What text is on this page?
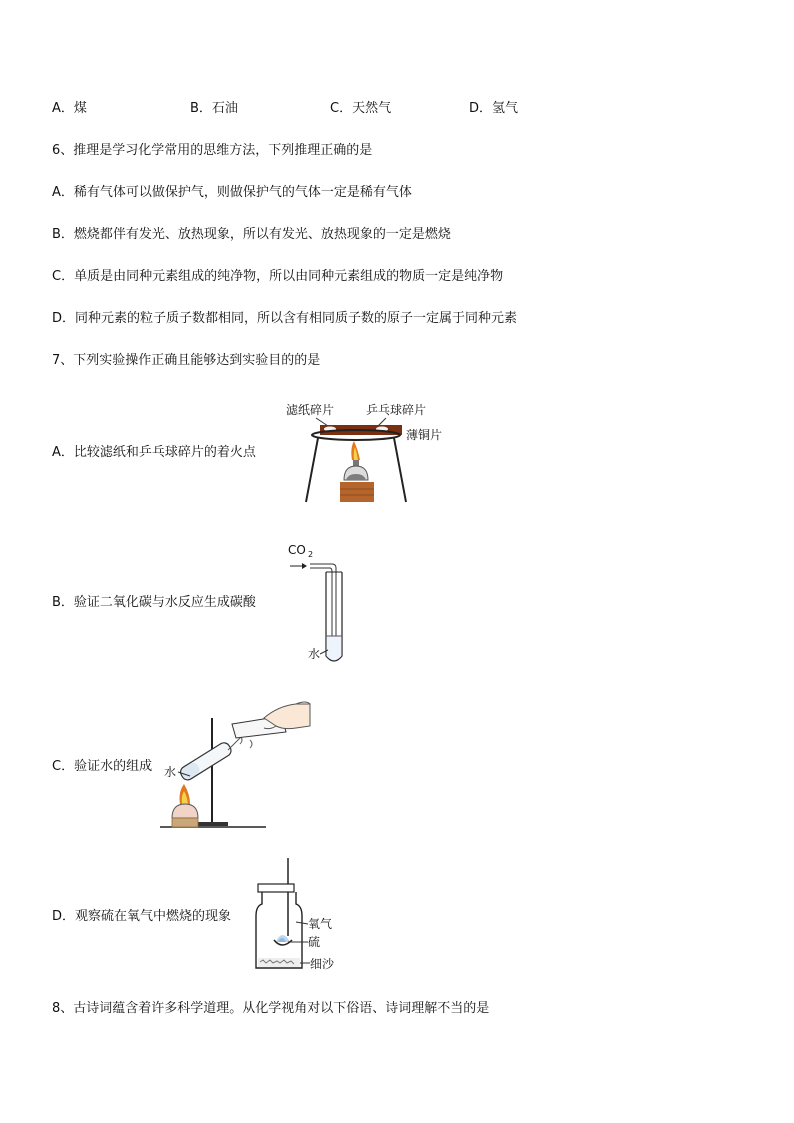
A．煤	B．石油	C．天然气	D．氢气
6、推理是学习化学常用的思维方法，下列推理正确的是
A．稀有气体可以做保护气，则做保护气的气体一定是稀有气体
B．燃烧都伴有发光、放热现象，所以有发光、放热现象的一定是燃烧
C．单质是由同种元素组成的纯净物，所以由同种元素组成的物质一定是纯净物
D．同种元素的粒子质子数都相同，所以含有相同质子数的原子一定属于同种元素
7、下列实验操作正确且能够达到实验目的的是
A．比较滤纸和乒乓球碎片的着火点
滤纸碎片	乒乓球碎片
薄铜片
B．验证二氧化碳与水反应生成碳酸
CO 2
水
C．验证水的组成 水
D．观察硫在氧气中燃烧的现象	氧气
硫
细沙
8、古诗词蕴含着许多科学道理。从化学视角对以下俗语、诗词理解不当的是
